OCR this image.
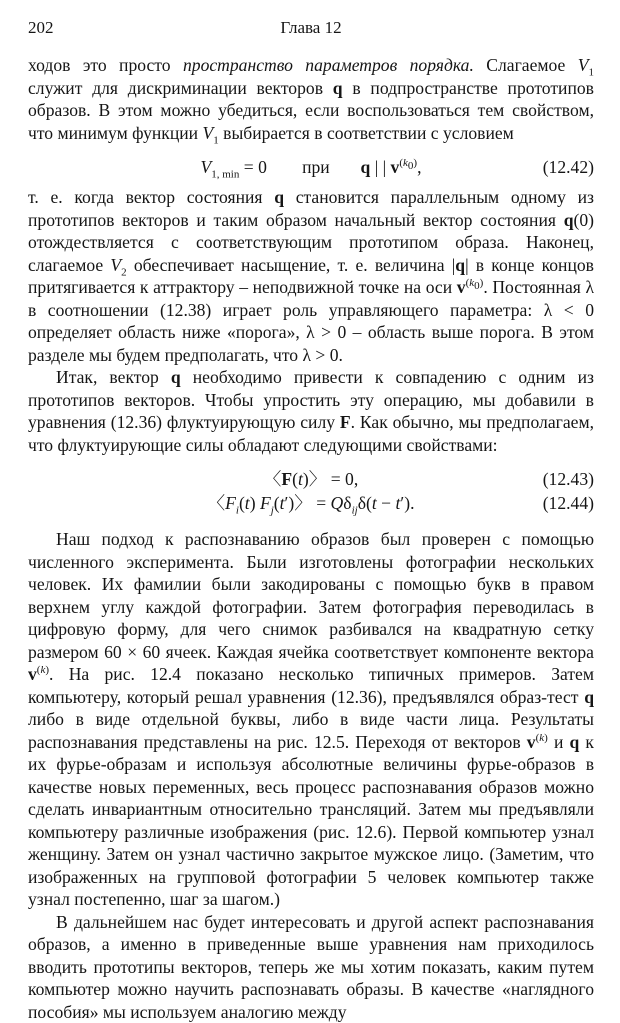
202	Глава 12

ходов это просто пространство параметров порядка. Слагаемое $V_1$ служит для дискриминации векторов q в подпространстве прототипов образов. В этом можно убедиться, если воспользоваться тем свойством, что минимум функции $V_1$ выбирается в соответствии с условием

$V_{1, min} = 0$        при       q | | $v^{(k_0)}$,	(12.42)

т. е. когда вектор состояния q становится параллельным одному из прототипов векторов и таким образом начальный вектор состояния q(0) отождествляется с соответствующим прототипом образа. Наконец, слагаемое $V_2$ обеспечивает насыщение, т. е. величина |q| в конце концов притягивается к аттрактору – неподвижной точке на оси $v^{(k_0)}$. Постоянная λ в соотношении (12.38) играет роль управляющего параметра: λ < 0 определяет область ниже «порога», λ > 0 – область выше порога. В этом разделе мы будем предполагать, что λ > 0.

Итак, вектор q необходимо привести к совпадению с одним из прототипов векторов. Чтобы упростить эту операцию, мы добавили в уравнения (12.36) флуктуирующую силу F. Как обычно, мы предполагаем, что флуктуирующие силы обладают следующими свойствами:

〈F(t)〉 = 0,	(12.43)
〈$F_i(t)$ $F_j(t')$〉 = $Q\delta_{ij}\delta(t - t')$.	(12.44)

Наш подход к распознаванию образов был проверен с помощью численного эксперимента. Были изготовлены фотографии нескольких человек. Их фамилии были закодированы с помощью букв в правом верхнем углу каждой фотографии. Затем фотография переводилась в цифровую форму, для чего снимок разбивался на квадратную сетку размером 60 × 60 ячеек. Каждая ячейка соответствует компоненте вектора $v^{(k)}$. На рис. 12.4 показано несколько типичных примеров. Затем компьютеру, который решал уравнения (12.36), предъявлялся образ-тест q либо в виде отдельной буквы, либо в виде части лица. Результаты распознавания представлены на рис. 12.5. Переходя от векторов $v^{(k)}$ и q к их фурье-образам и используя абсолютные величины фурье-образов в качестве новых переменных, весь процесс распознавания образов можно сделать инвариантным относительно трансляций. Затем мы предъявляли компьютеру различные изображения (рис. 12.6). Первой компьютер узнал женщину. Затем он узнал частично закрытое мужское лицо. (Заметим, что изображенных на групповой фотографии 5 человек компьютер также узнал постепенно, шаг за шагом.)

В дальнейшем нас будет интересовать и другой аспект распознавания образов, а именно в приведенные выше уравнения нам приходилось вводить прототипы векторов, теперь же мы хотим показать, каким путем компьютер можно научить распознавать образы. В качестве «наглядного пособия» мы используем аналогию между
